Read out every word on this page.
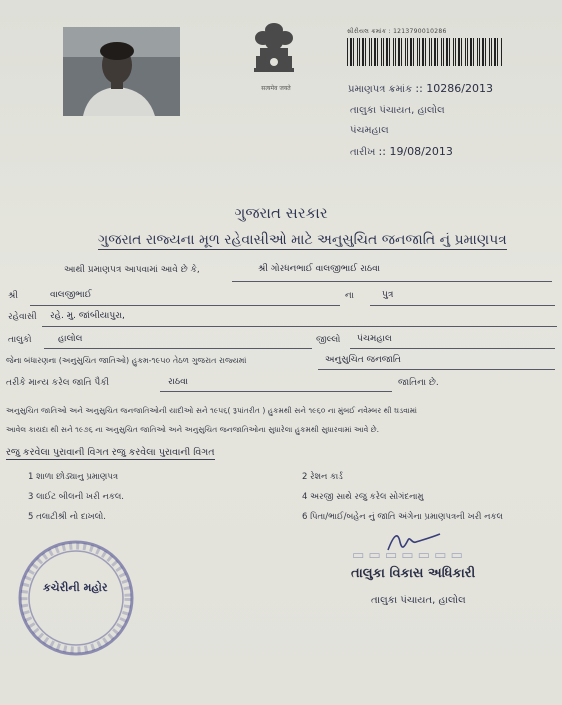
सत्यमेव जयते
સીરીયલ ક્રમાંક : 1213790010286
પ્રમાણપત્ર ક્રમાંક :: 10286/2013
તાલુકા પંચાયત, હાલોલ
પંચમહાલ
તારીખ :: 19/08/2013
ગુજરાત સરકાર
ગુજરાત રાજ્યના મૂળ રહેવાસીઓ માટે અનુસુચિત જનજાતિ નું પ્રમાણપત્ર
આથી પ્રમાણપત્ર આપવામાં આવે છે કે,	શ્રી ગોરધનભાઈ વાલજીભાઈ રાઠવા
શ્રી	વાલજીભાઈ	ના	પુત્ર
રહેવાસી રહે. મુ. જાંબીયાપુરા,
તાલુકો	હાલોલ	જીલ્લો પંચમહાલ
જેના બંધારણના (અનુસુચિત જાતિઓ) હુકમ-૧૯૫૦ તેઠળ ગુજરાત રાજ્યમાં	અનુસુચિત જનજાતિ
તરીકે માન્ય કરેલ જાતિ પૈકી	રાઠવા	જાતિના છે.
અનુસુચિત જાતિઓ અને અનુસુચિત જનજાતિઓની યાદીઓ સને ૧૯૫૬( રૂપાંતરીત ) હુકમથી સને ૧૯૬૦ ના મુંબઈ નવેમ્બર થી ઘડવામાં
આવેલ કાયદા થી સને ૧૯૭૬ ના અનુસુચિત જાતિઓ અને અનુસુચિત જનજાતિઓના સુધારેલા હુકમથી સુધારવામાં આવે છે.
રજુ કરવેલા પુરાવાની વિગત રજુ કરવેલા પુરાવાની વિગત
1 શાળા છોડ્યાનુ પ્રમાણપત્ર	2 રેશન કાર્ડ
3 લાઈટ બીલની ખરી નકલ.	4 અરજી સાથે રજુ કરેલ સોગંદનામુ
5 તલાટીશ્રી નો દાખલો.	6 પિતા/ભાઈ/બહેન નું જાતિ અંગેના પ્રમાણપત્રની ખરી નકલ
કચેરીની મહોર
▭ ▭ ▭ ▭ ▭ ▭ ▭
તાલુકા વિકાસ અધિકારી
તાલુકા પંચાયત, હાલોલ
